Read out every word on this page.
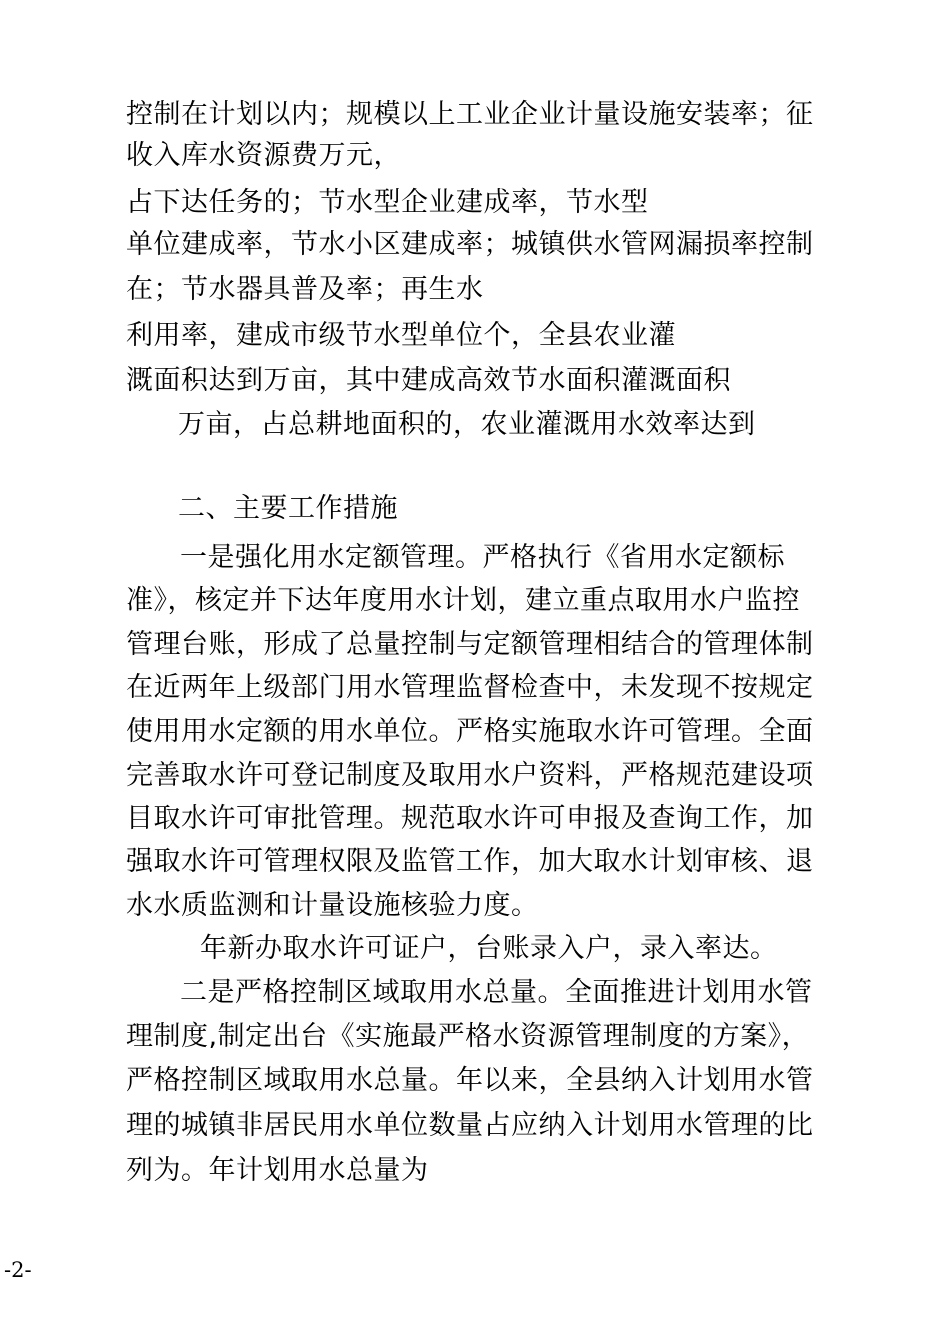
控制在计划以内；规模以上工业企业计量设施安装率；征
收入库水资源费万元，
占下达任务的；节水型企业建成率，节水型
单位建成率，节水小区建成率；城镇供水管网漏损率控制
在；节水器具普及率；再生水
利用率，建成市级节水型单位个，全县农业灌
溉面积达到万亩，其中建成高效节水面积灌溉面积
万亩，占总耕地面积的，农业灌溉用水效率达到
二、主要工作措施
一是强化用水定额管理。严格执行《省用水定额标
准》，核定并下达年度用水计划，建立重点取用水户监控
管理台账，形成了总量控制与定额管理相结合的管理体制
在近两年上级部门用水管理监督检查中，未发现不按规定
使用用水定额的用水单位。严格实施取水许可管理。全面
完善取水许可登记制度及取用水户资料，严格规范建设项
目取水许可审批管理。规范取水许可申报及查询工作，加
强取水许可管理权限及监管工作，加大取水计划审核、退
水水质监测和计量设施核验力度。
年新办取水许可证户，台账录入户，录入率达。
二是严格控制区域取用水总量。全面推进计划用水管
理制度,制定出台《实施最严格水资源管理制度的方案》，
严格控制区域取用水总量。年以来，全县纳入计划用水管
理的城镇非居民用水单位数量占应纳入计划用水管理的比
列为。年计划用水总量为
-2-
